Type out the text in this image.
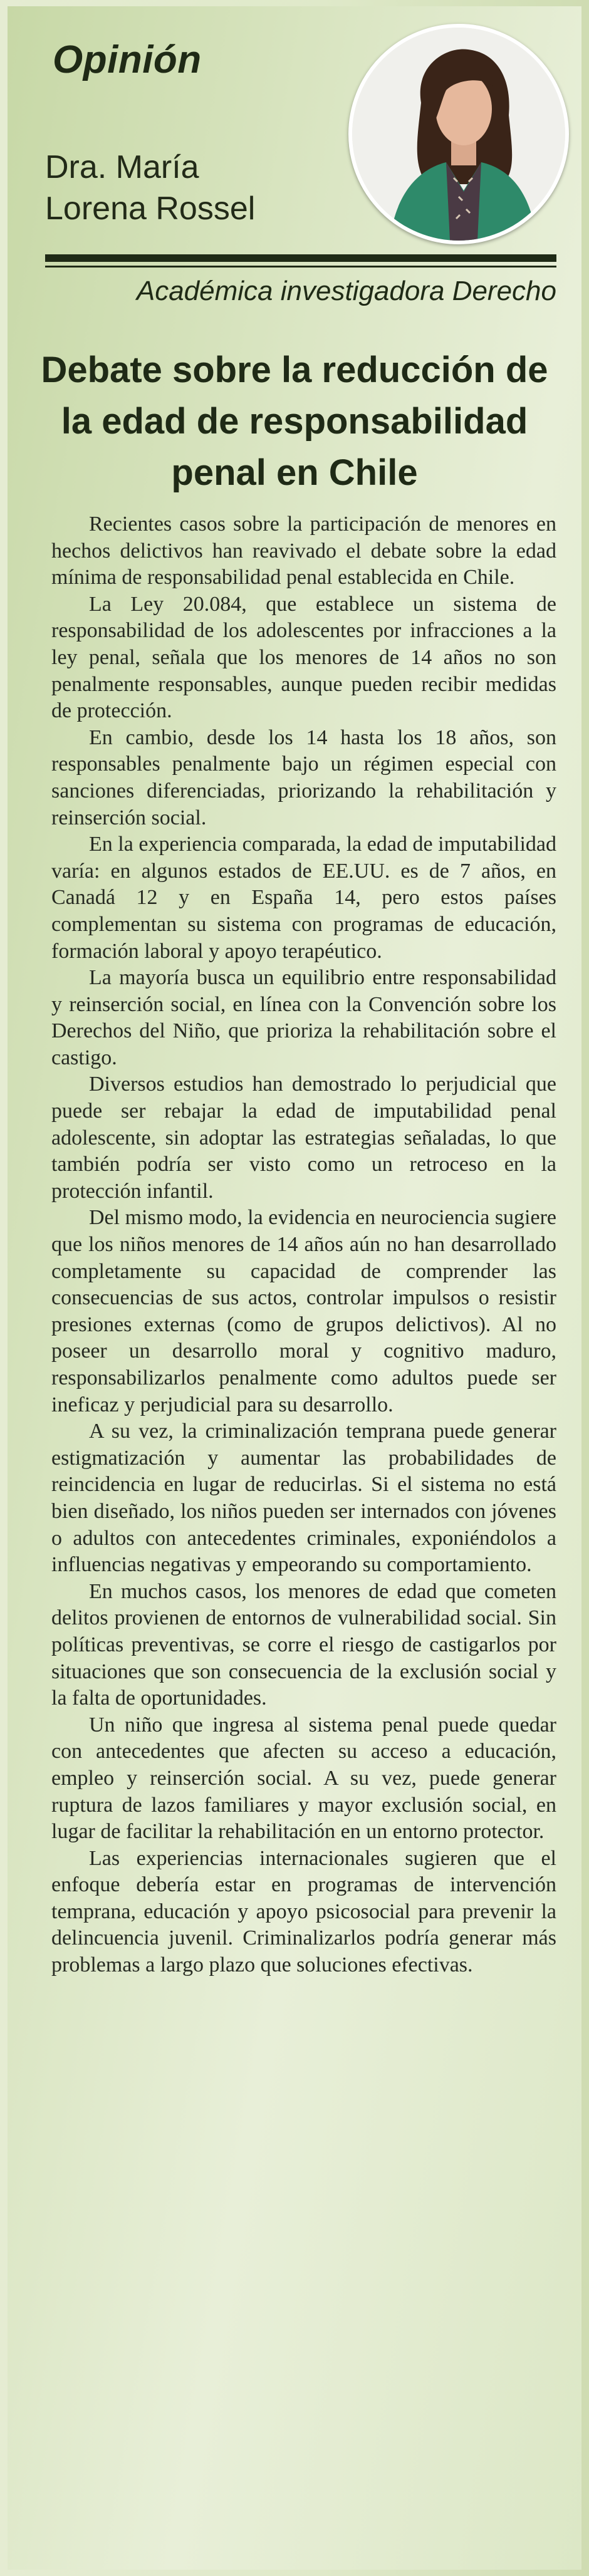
Opinión
Dra. María
Lorena Rossel
Académica investigadora Derecho
Debate sobre la reducción de la edad de responsabilidad penal en Chile

Recientes casos sobre la participación de menores en hechos delictivos han reavivado el debate sobre la edad mínima de responsabilidad penal establecida en Chile.

La Ley 20.084, que establece un sistema de responsabilidad de los adolescentes por infracciones a la ley penal, señala que los menores de 14 años no son penalmente responsables, aunque pueden recibir medidas de protección.

En cambio, desde los 14 hasta los 18 años, son responsables penalmente bajo un régimen especial con sanciones diferenciadas, priorizando la rehabilitación y reinserción social.

En la experiencia comparada, la edad de imputabilidad varía: en algunos estados de EE.UU. es de 7 años, en Canadá 12 y en España 14, pero estos países complementan su sistema con programas de educación, formación laboral y apoyo terapéutico.

La mayoría busca un equilibrio entre responsabilidad y reinserción social, en línea con la Convención sobre los Derechos del Niño, que prioriza la rehabilitación sobre el castigo.

Diversos estudios han demostrado lo perjudicial que puede ser rebajar la edad de imputabilidad penal adolescente, sin adoptar las estrategias señaladas, lo que también podría ser visto como un retroceso en la protección infantil.

Del mismo modo, la evidencia en neurociencia sugiere que los niños menores de 14 años aún no han desarrollado completamente su capacidad de comprender las consecuencias de sus actos, controlar impulsos o resistir presiones externas (como de grupos delictivos). Al no poseer un desarrollo moral y cognitivo maduro, responsabilizarlos penalmente como adultos puede ser ineficaz y perjudicial para su desarrollo.

A su vez, la criminalización temprana puede generar estigmatización y aumentar las probabilidades de reincidencia en lugar de reducirlas. Si el sistema no está bien diseñado, los niños pueden ser internados con jóvenes o adultos con antecedentes criminales, exponiéndolos a influencias negativas y empeorando su comportamiento.

En muchos casos, los menores de edad que cometen delitos provienen de entornos de vulnerabilidad social. Sin políticas preventivas, se corre el riesgo de castigarlos por situaciones que son consecuencia de la exclusión social y la falta de oportunidades.

Un niño que ingresa al sistema penal puede quedar con antecedentes que afecten su acceso a educación, empleo y reinserción social. A su vez, puede generar ruptura de lazos familiares y mayor exclusión social, en lugar de facilitar la rehabilitación en un entorno protector.

Las experiencias internacionales sugieren que el enfoque debería estar en programas de intervención temprana, educación y apoyo psicosocial para prevenir la delincuencia juvenil. Criminalizarlos podría generar más problemas a largo plazo que soluciones efectivas.
